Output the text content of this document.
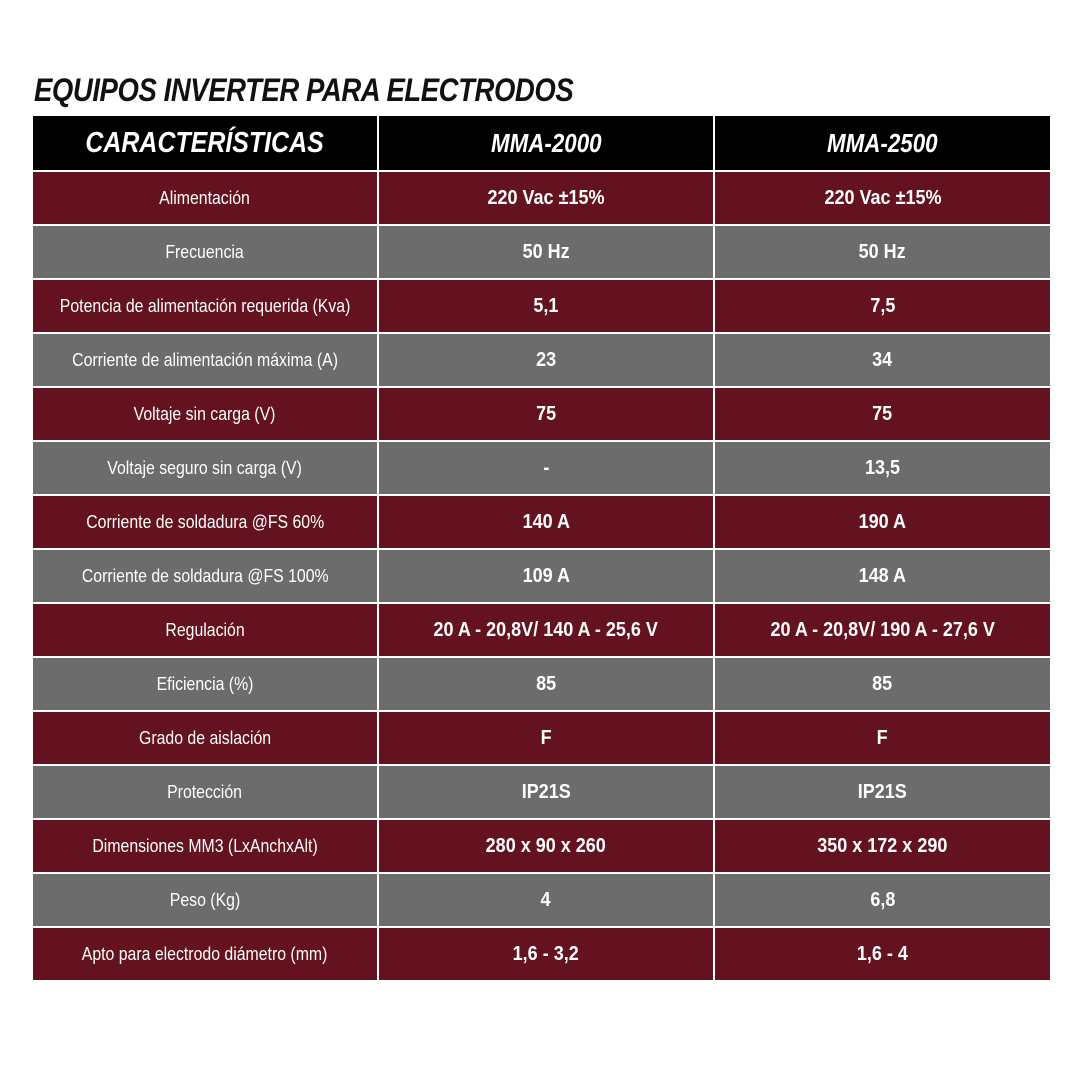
EQUIPOS INVERTER PARA ELECTRODOS
CARACTERÍSTICAS	MMA-2000	MMA-2500
Alimentación	220 Vac ±15%	220 Vac ±15%
Frecuencia	50 Hz	50 Hz
Potencia de alimentación requerida (Kva)	5,1	7,5
Corriente de alimentación máxima (A)	23	34
Voltaje sin carga (V)	75	75
Voltaje seguro sin carga (V)	-	13,5
Corriente de soldadura @FS 60%	140 A	190 A
Corriente de soldadura @FS 100%	109 A	148 A
Regulación	20 A - 20,8V/ 140 A - 25,6 V	20 A - 20,8V/ 190 A - 27,6 V
Eficiencia (%)	85	85
Grado de aislación	F	F
Protección	IP21S	IP21S
Dimensiones MM3 (LxAnchxAlt)	280 x 90 x 260	350 x 172 x 290
Peso (Kg)	4	6,8
Apto para electrodo diámetro (mm)	1,6 - 3,2	1,6 - 4
